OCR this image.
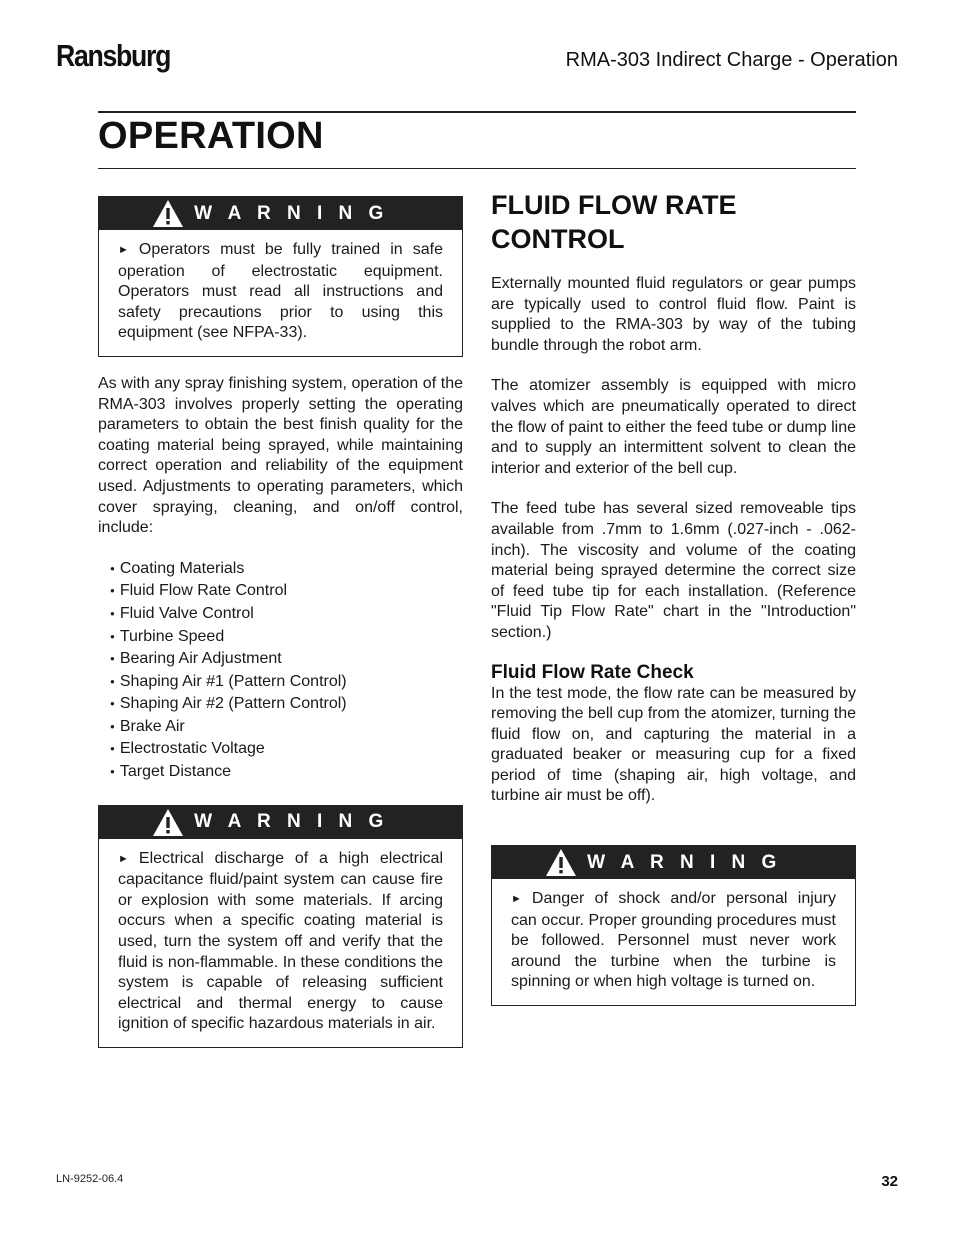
Ransburg	RMA-303 Indirect Charge - Operation
OPERATION
W A R N I N G

► Operators must be fully trained in safe operation of electrostatic equipment. Operators must read all instructions and safety precautions prior to using this equipment (see NFPA-33).

As with any spray finishing system, operation of the RMA-303 involves properly setting the operating parameters to obtain the best finish quality for the coating material being sprayed, while maintaining correct operation and reliability of the equipment used. Adjustments to operating parameters, which cover spraying, cleaning, and on/off control, include:

● Coating Materials
● Fluid Flow Rate Control
● Fluid Valve Control
● Turbine Speed
● Bearing Air Adjustment
● Shaping Air #1 (Pattern Control)
● Shaping Air #2 (Pattern Control)
● Brake Air
● Electrostatic Voltage
● Target Distance
W A R N I N G

► Electrical discharge of a high electrical capacitance fluid/paint system can cause fire or explosion with some materials. If arcing occurs when a specific coating material is used, turn the system off and verify that the fluid is non-flammable. In these conditions the system is capable of releasing sufficient electrical and thermal energy to cause ignition of specific hazardous materials in air.

FLUID FLOW RATE
CONTROL

Externally mounted fluid regulators or gear pumps are typically used to control fluid flow. Paint is supplied to the RMA-303 by way of the tubing bundle through the robot arm.

The atomizer assembly is equipped with micro valves which are pneumatically operated to direct the flow of paint to either the feed tube or dump line and to supply an intermittent solvent to clean the interior and exterior of the bell cup.

The feed tube has several sized removeable tips available from .7mm to 1.6mm (.027-inch - .062-inch). The viscosity and volume of the coating material being sprayed determine the correct size of feed tube tip for each installation. (Reference "Fluid Tip Flow Rate" chart in the "Introduction" section.)

Fluid Flow Rate Check

In the test mode, the flow rate can be measured by removing the bell cup from the atomizer, turning the fluid flow on, and capturing the material in a graduated beaker or measuring cup for a fixed period of time (shaping air, high voltage, and turbine air must be off).

W A R N I N G

► Danger of shock and/or personal injury can occur. Proper grounding procedures must be followed. Personnel must never work around the turbine when the turbine is spinning or when high voltage is turned on.

LN-9252-06.4	32
